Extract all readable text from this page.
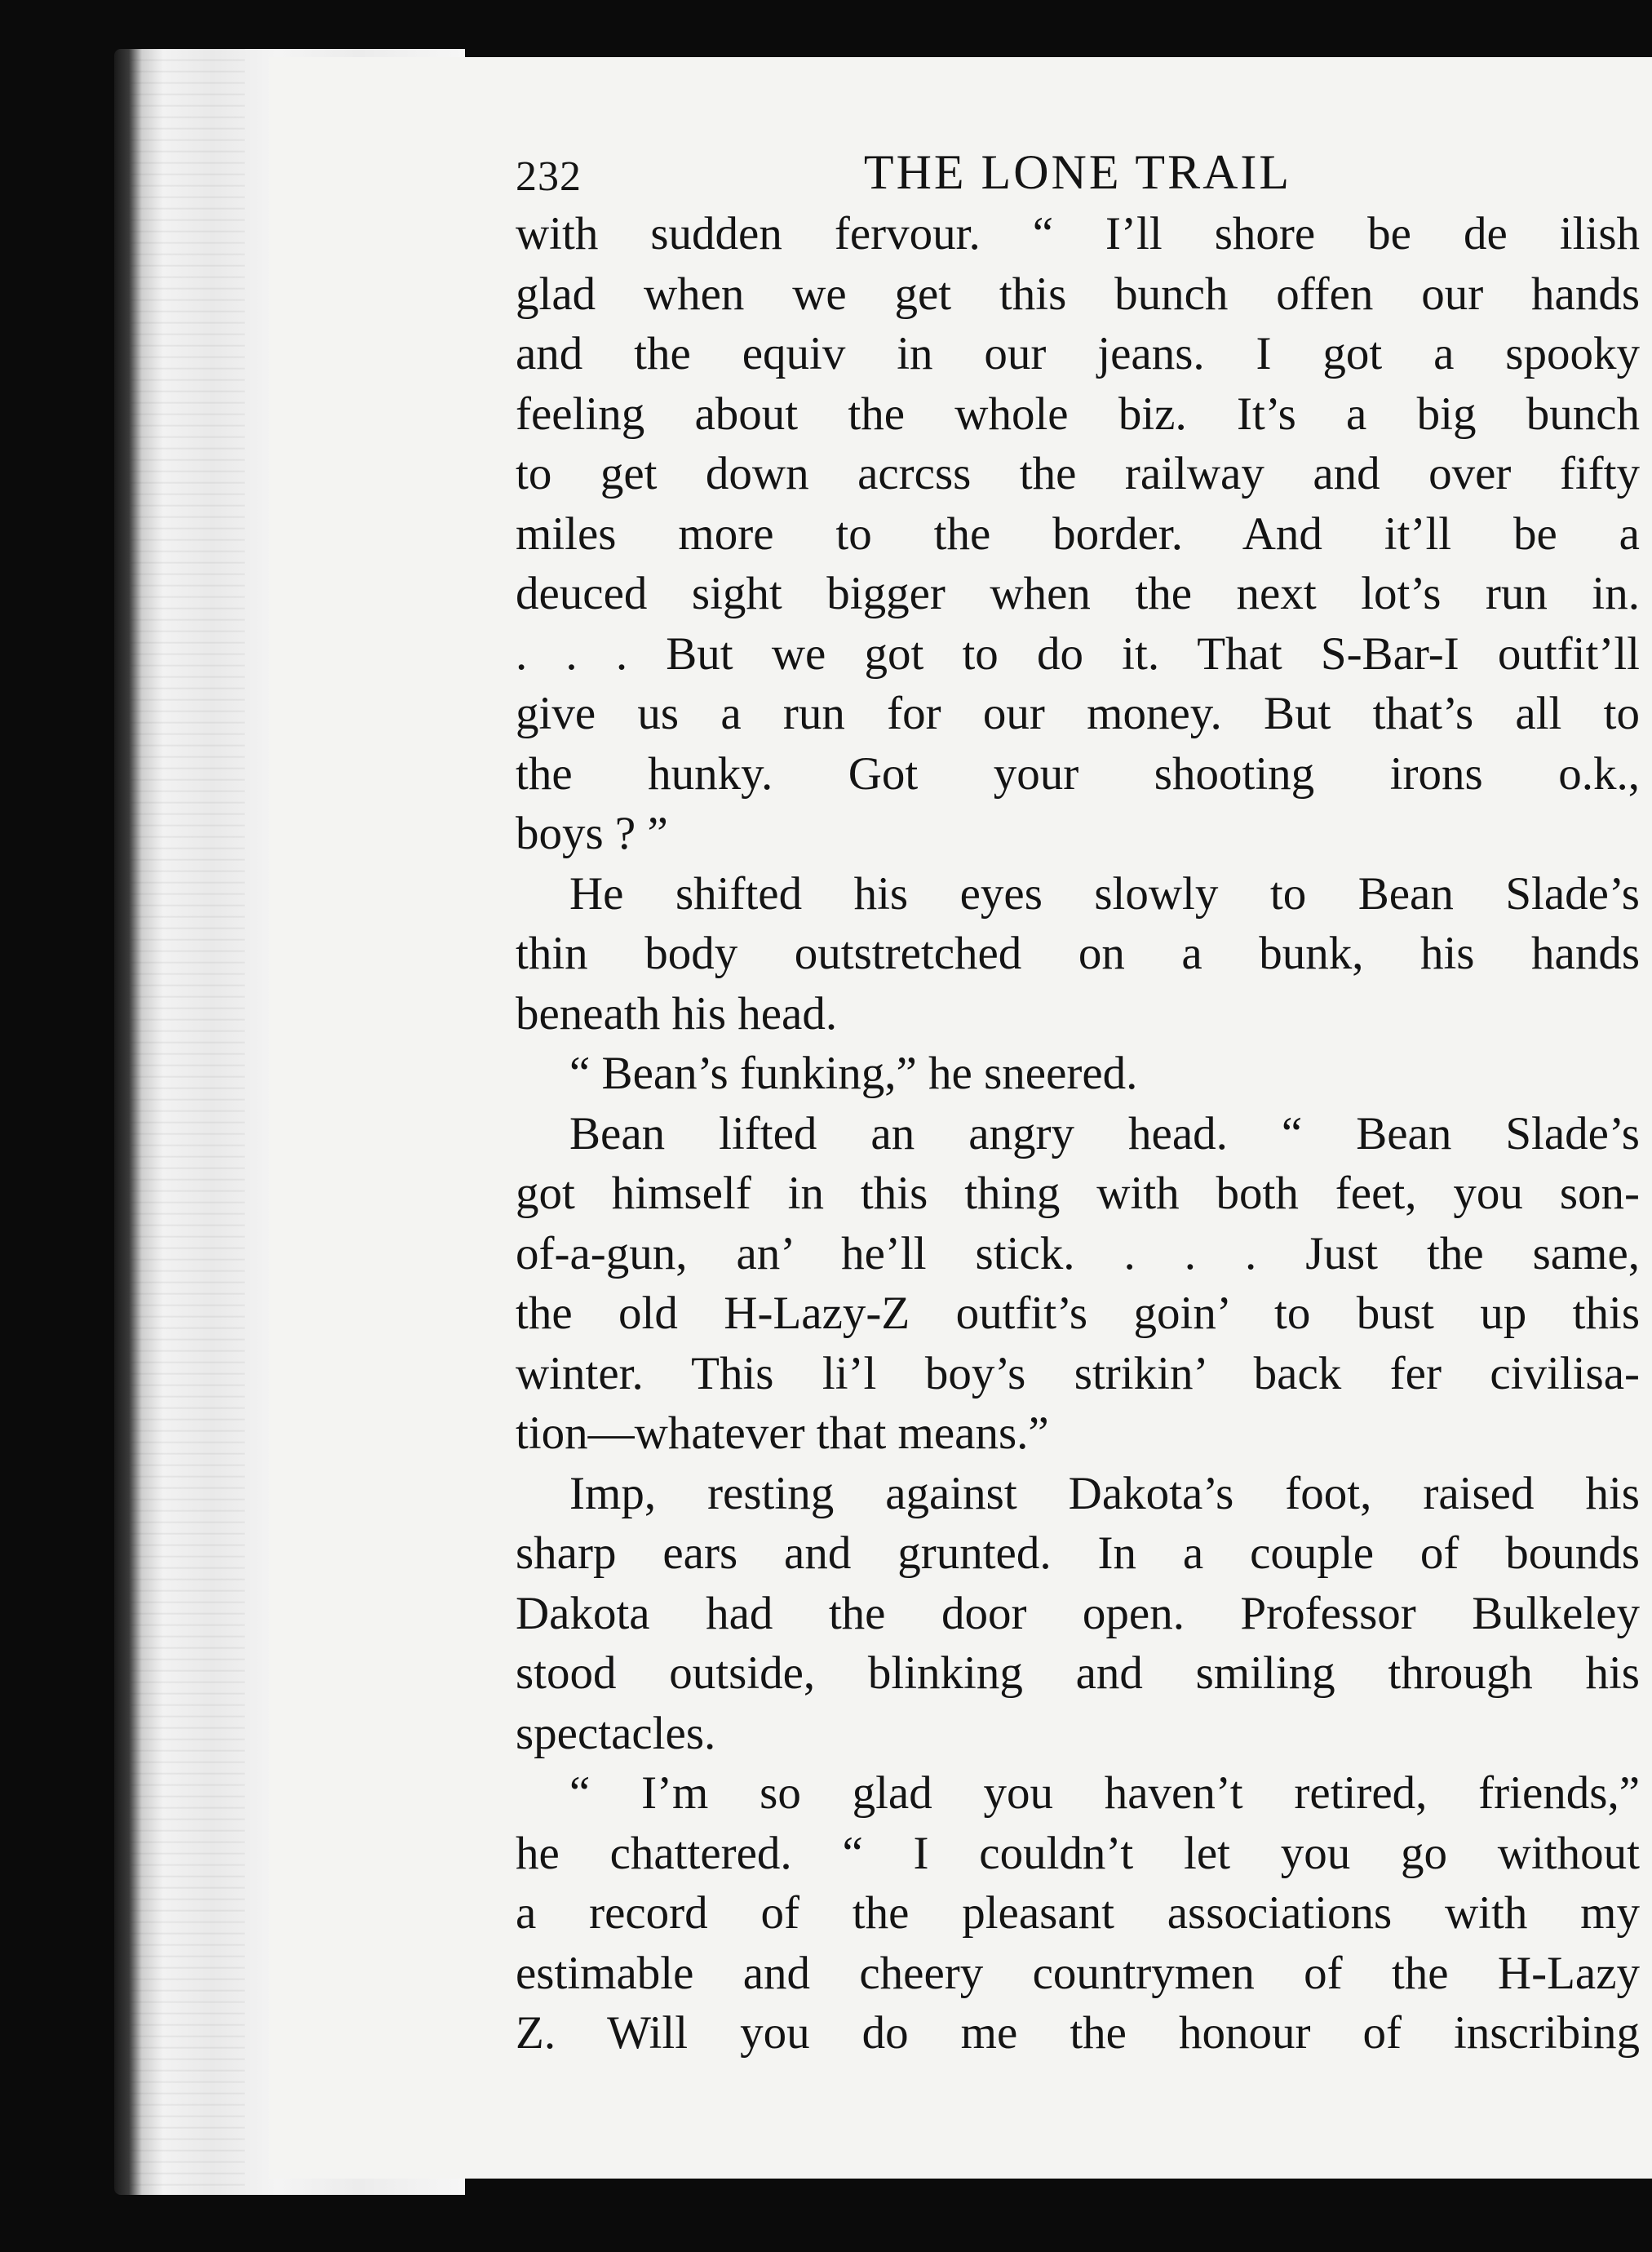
232	THE LONE TRAIL
with sudden fervour. “ I’ll shore be de ilish
glad when we get this bunch offen our hands
and the equiv in our jeans. I got a spooky
feeling about the whole biz. It’s a big bunch
to get down acrcss the railway and over fifty
miles more to the border. And it’ll be a
deuced sight bigger when the next lot’s run in.
. . . But we got to do it. That S-Bar-I outfit’ll
give us a run for our money. But that’s all to
the hunky. Got your shooting irons o.k.,
boys ? ”
He shifted his eyes slowly to Bean Slade’s
thin body outstretched on a bunk, his hands
beneath his head.
“ Bean’s funking,” he sneered.
Bean lifted an angry head. “ Bean Slade’s
got himself in this thing with both feet, you son-
of-a-gun, an’ he’ll stick. . . . Just the same,
the old H-Lazy-Z outfit’s goin’ to bust up this
winter. This li’l boy’s strikin’ back fer civilisa-
tion—whatever that means.”
Imp, resting against Dakota’s foot, raised his
sharp ears and grunted. In a couple of bounds
Dakota had the door open. Professor Bulkeley
stood outside, blinking and smiling through his
spectacles.
“ I’m so glad you haven’t retired, friends,”
he chattered. “ I couldn’t let you go without
a record of the pleasant associations with my
estimable and cheery countrymen of the H-Lazy
Z. Will you do me the honour of inscribing
